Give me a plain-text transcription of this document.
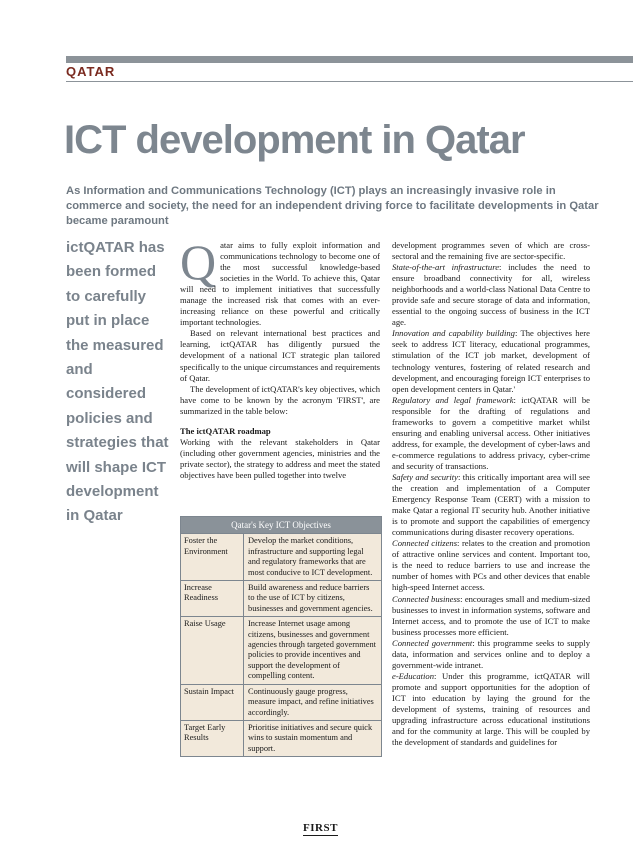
QATAR
ICT development in Qatar
As Information and Communications Technology (ICT) plays an increasingly invasive role in commerce and society, the need for an independent driving force to facilitate developments in Qatar became paramount
ictQATAR has been formed to carefully put in place the measured and considered policies and strategies that will shape ICT development in Qatar

Qatar aims to fully exploit information and communications technology to become one of the most successful knowledge-based societies in the World. To achieve this, Qatar will need to implement initiatives that successfully manage the increased risk that comes with an ever-increasing reliance on these powerful and critically important technologies.

Based on relevant international best practices and learning, ictQATAR has diligently pursued the development of a national ICT strategic plan tailored specifically to the unique circumstances and requirements of Qatar.

The development of ictQATAR's key objectives, which have come to be known by the acronym 'FIRST', are summarized in the table below:

The ictQATAR roadmap

Working with the relevant stakeholders in Qatar (including other government agencies, ministries and the private sector), the strategy to address and meet the stated objectives have been pulled together into twelve

Qatar's Key ICT Objectives
Foster the Environment
Develop the market conditions, infrastructure and supporting legal and regulatory frameworks that are most conducive to ICT development.
Increase Readiness
Build awareness and reduce barriers to the use of ICT by citizens, businesses and government agencies.
Raise Usage	Increase Internet usage among citizens, businesses and government agencies through targeted government policies to provide incentives and support the development of compelling content.
Sustain Impact	Continuously gauge progress, measure impact, and refine initiatives accordingly.
Target Early Results
Prioritise initiatives and secure quick wins to sustain momentum and support.

development programmes seven of which are cross-sectoral and the remaining five are sector-specific.

State-of-the-art infrastructure: includes the need to ensure broadband connectivity for all, wireless neighborhoods and a world-class National Data Centre to provide safe and secure storage of data and information, essential to the ongoing success of business in the ICT age.

Innovation and capability building: The objectives here seek to address ICT literacy, educational programmes, stimulation of the ICT job market, development of technology ventures, fostering of related research and development, and encouraging foreign ICT enterprises to open development centers in Qatar.'

Regulatory and legal framework: ictQATAR will be responsible for the drafting of regulations and frameworks to govern a competitive market whilst ensuring and enabling universal access. Other initiatives address, for example, the development of cyber-laws and e-commerce regulations to address privacy, cyber-crime and security of transactions.

Safety and security: this critically important area will see the creation and implementation of a Computer Emergency Response Team (CERT) with a mission to make Qatar a regional IT security hub. Another initiative is to promote and support the capabilities of emergency communications during disaster recovery operations.

Connected citizens: relates to the creation and promotion of attractive online services and content. Important too, is the need to reduce barriers to use and increase the number of homes with PCs and other devices that enable high-speed Internet access.

Connected business: encourages small and medium-sized businesses to invest in information systems, software and Internet access, and to promote the use of ICT to make business processes more efficient.

Connected government: this programme seeks to supply data, information and services online and to deploy a government-wide intranet.

e-Education: Under this programme, ictQATAR will promote and support opportunities for the adoption of ICT into education by laying the ground for the development of systems, training of resources and upgrading infrastructure across educational institutions and for the community at large. This will be coupled by the development of standards and guidelines for

FIRST
